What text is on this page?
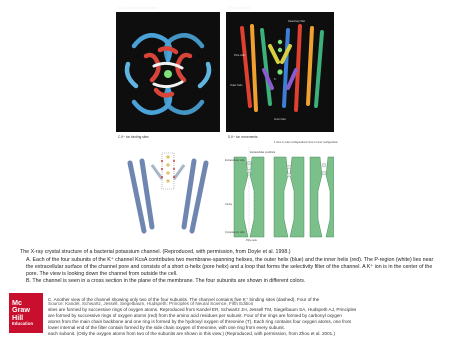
A Looking down the channel	B Cross section
Selectivity filter
Pore helix
Outer helix
Inner helix
K⁺
C K⁺ ion binding sites	D K⁺ ion movements
1 Ions in outer configuration 2 Ions in inner configuration
Extracellular side
Extracellular vestibule
Cavity
Cytoplasmic side
Pore axis

The X-ray crystal structure of a bacterial potassium channel. (Reproduced, with permission, from Doyle et al. 1998.)

A. Each of the four subunits of the K⁺ channel KcsA contributes two membrane-spanning helixes, the outer helix (blue) and the inner helix (red). The P-region (white) lies near the extracellular surface of the channel pore and consists of a short α-helix (pore helix) and a loop that forms the selectivity filter of the channel. A K⁺ ion is in the center of the pore. The view is looking down the channel from outside the cell.

B. The channel is seen in a cross section in the plane of the membrane. The four subunits are shown in different colors.

C. Another view of the channel showing only two of the four subunits. The channel contains five K⁺ binding sites (dashed). Four of the
Source: Kandel, Schwartz, Jessell, Siegelbaum, Hudspeth: Principles of Neural Science, Fifth Edition
sites are formed by successive rings of oxygen atoms. Reproduced from Kandel ER, Schwartz JH, Jessell TM, Siegelbaum SA, Hudspeth AJ, Principles
are formed by successive rings of oxygen atoms (red) from the amino acid residues per subunit. Four of the rings are formed by carbonyl oxygen
atoms from the main chain backbone and one ring is formed by the hydroxyl oxygen of threonine (T). Each ring contains four oxygen atoms, one from
lower internal end of the filter contain formed by the side chain oxygen of threonine, with one ring from every subunit.
each subunit. (Only the oxygen atoms from two of the subunits are shown in this view.) (Reproduced, with permission, from Zhou et al. 2001.)
Mc
Graw
Hill
Education
